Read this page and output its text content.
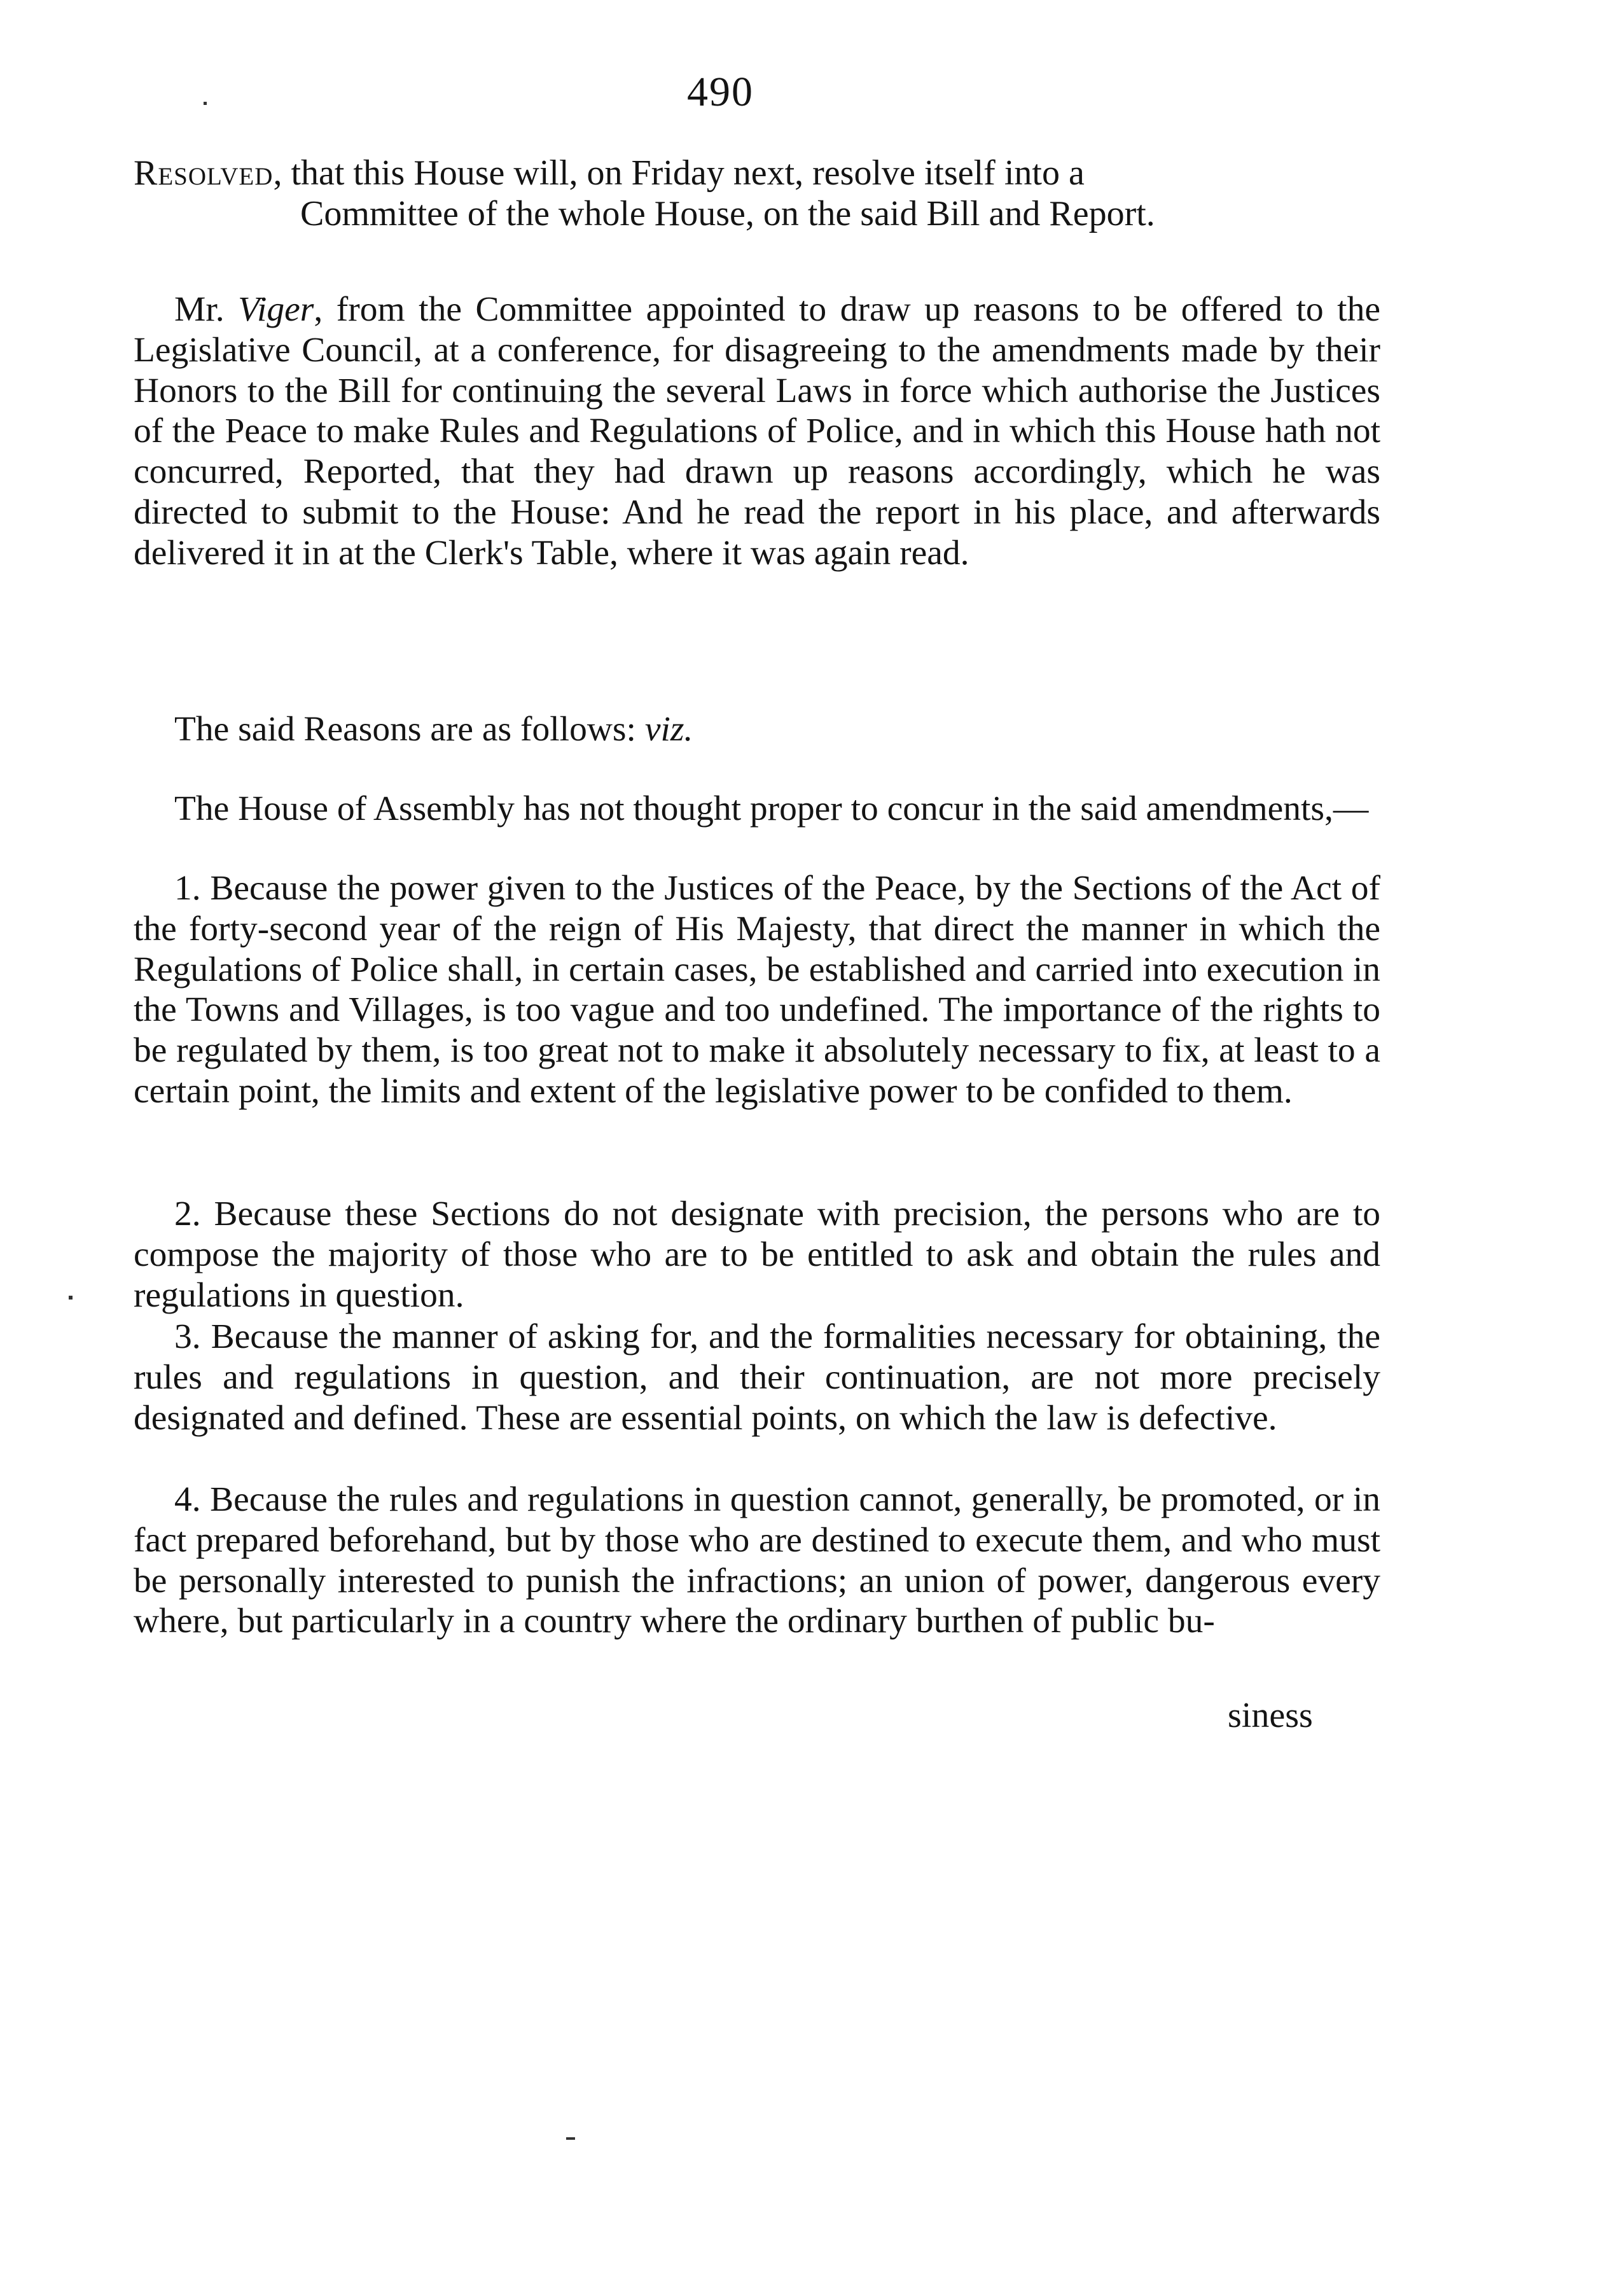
490
Resolved, that this House will, on Friday next, resolve itself into a
Committee of the whole House, on the said Bill and Report.

Mr. Viger, from the Committee appointed to draw up reasons to be offered to the Legislative Council, at a conference, for disagreeing to the amendments made by their Honors to the Bill for continuing the several Laws in force which authorise the Justices of the Peace to make Rules and Regulations of Police, and in which this House hath not concurred, Reported, that they had drawn up reasons accordingly, which he was directed to submit to the House: And he read the report in his place, and afterwards delivered it in at the Clerk's Table, where it was again read.

The said Reasons are as follows: viz.

The House of Assembly has not thought proper to concur in the said amendments,—

1. Because the power given to the Justices of the Peace, by the Sections of the Act of the forty-second year of the reign of His Majesty, that direct the manner in which the Regulations of Police shall, in certain cases, be established and carried into execution in the Towns and Villages, is too vague and too undefined. The importance of the rights to be regulated by them, is too great not to make it absolutely necessary to fix, at least to a certain point, the limits and extent of the legislative power to be confided to them.

2. Because these Sections do not designate with precision, the persons who are to compose the majority of those who are to be entitled to ask and obtain the rules and regulations in question.

3. Because the manner of asking for, and the formalities necessary for obtaining, the rules and regulations in question, and their continuation, are not more precisely designated and defined. These are essential points, on which the law is defective.

4. Because the rules and regulations in question cannot, generally, be promoted, or in fact prepared beforehand, but by those who are destined to execute them, and who must be personally interested to punish the infractions; an union of power, dangerous every where, but particularly in a country where the ordinary burthen of public bu-

siness
